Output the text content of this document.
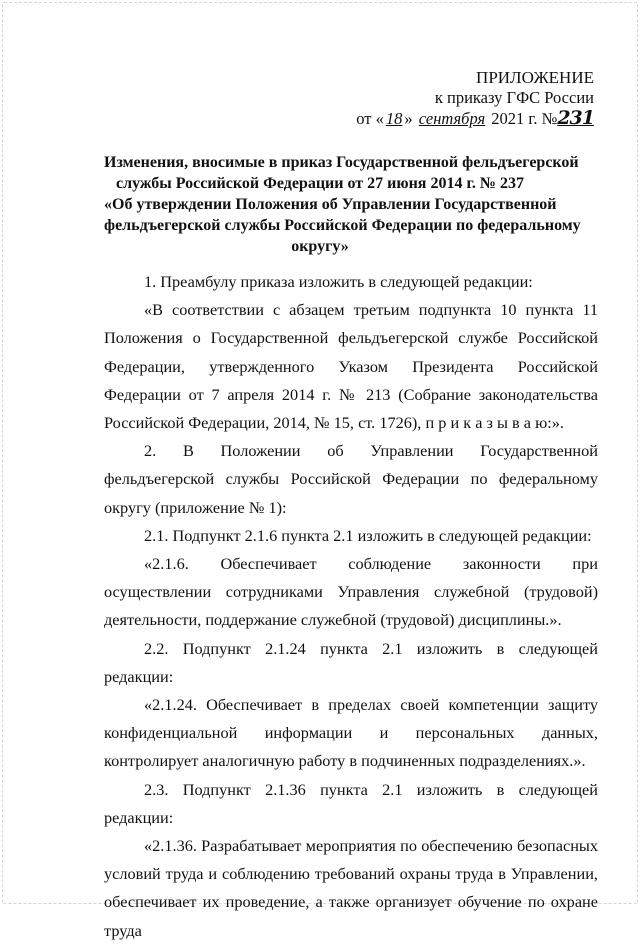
ПРИЛОЖЕНИЕ
к приказу ГФС России
от « 18 » сентября 2021 г. №231
Изменения, вносимые в приказ Государственной фельдъегерской
службы Российской Федерации от 27 июня 2014 г. № 237
«Об утверждении Положения об Управлении Государственной
фельдъегерской службы Российской Федерации по федеральному
округу»

1. Преамбулу приказа изложить в следующей редакции:

«В соответствии с абзацем третьим подпункта 10 пункта 11 Положения о Государственной фельдъегерской службе Российской Федерации, утвержденного Указом Президента Российской Федерации от 7 апреля 2014 г. № 213 (Собрание законодательства Российской Федерации, 2014, № 15, ст. 1726), п р и к а з ы в а ю:».

2. В Положении об Управлении Государственной фельдъегерской службы Российской Федерации по федеральному округу (приложение № 1):

2.1. Подпункт 2.1.6 пункта 2.1 изложить в следующей редакции:

«2.1.6. Обеспечивает соблюдение законности при осуществлении сотрудниками Управления служебной (трудовой) деятельности, поддержание служебной (трудовой) дисциплины.».

2.2. Подпункт 2.1.24 пункта 2.1 изложить в следующей редакции:

«2.1.24. Обеспечивает в пределах своей компетенции защиту конфиденциальной информации и персональных данных, контролирует аналогичную работу в подчиненных подразделениях.».

2.3. Подпункт 2.1.36 пункта 2.1 изложить в следующей редакции:

«2.1.36. Разрабатывает мероприятия по обеспечению безопасных условий труда и соблюдению требований охраны труда в Управлении, обеспечивает их проведение, а также организует обучение по охране труда
